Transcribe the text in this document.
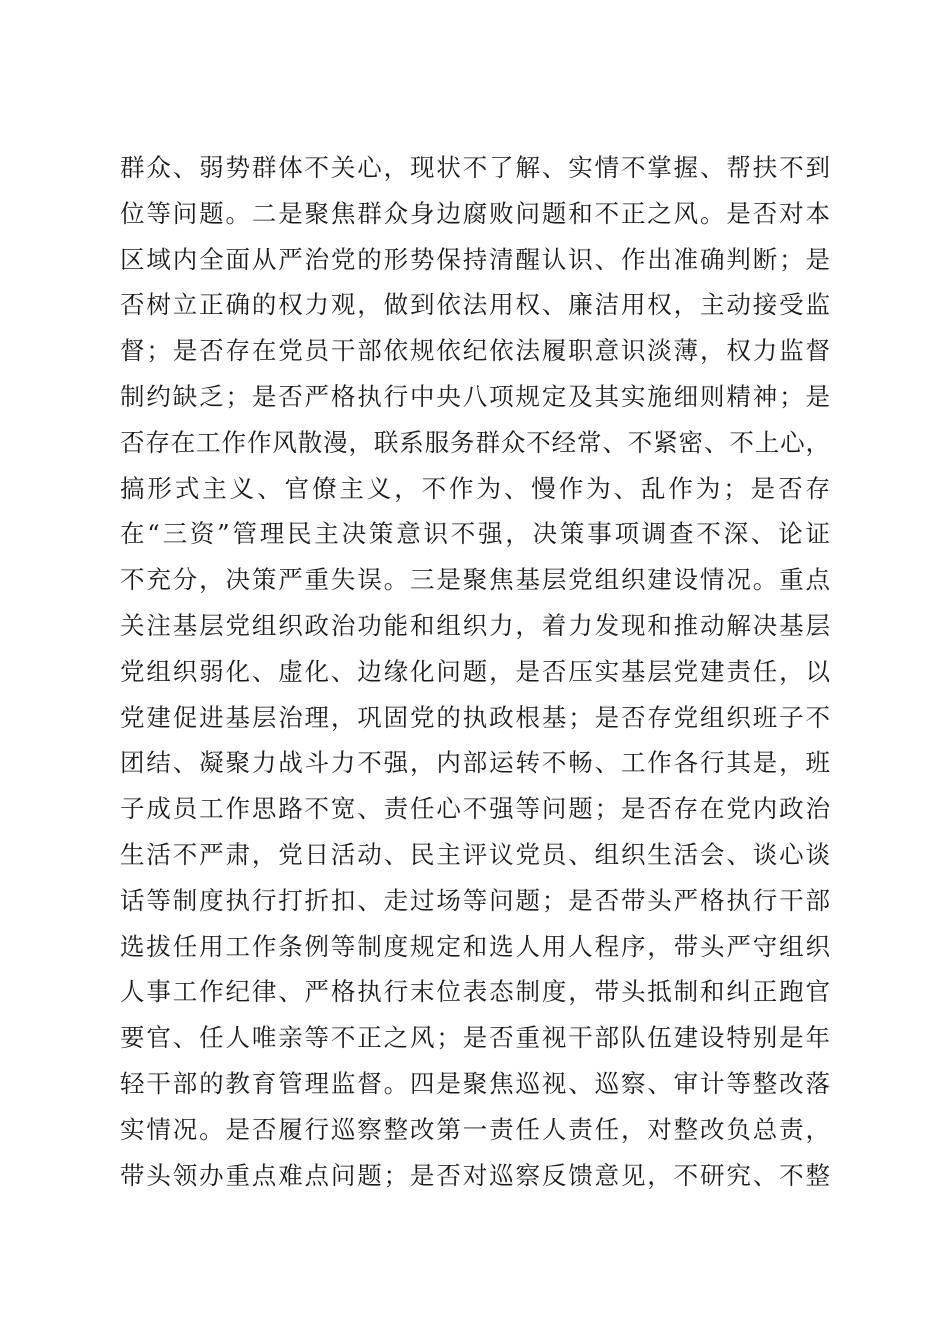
群众、弱势群体不关心，现状不了解、实情不掌握、帮扶不到
位等问题。二是聚焦群众身边腐败问题和不正之风。是否对本
区域内全面从严治党的形势保持清醒认识、作出准确判断；是
否树立正确的权力观，做到依法用权、廉洁用权，主动接受监
督；是否存在党员干部依规依纪依法履职意识淡薄，权力监督
制约缺乏；是否严格执行中央八项规定及其实施细则精神；是
否存在工作作风散漫，联系服务群众不经常、不紧密、不上心，
搞形式主义、官僚主义，不作为、慢作为、乱作为；是否存
在“三资”管理民主决策意识不强，决策事项调查不深、论证
不充分，决策严重失误。三是聚焦基层党组织建设情况。重点
关注基层党组织政治功能和组织力，着力发现和推动解决基层
党组织弱化、虚化、边缘化问题，是否压实基层党建责任，以
党建促进基层治理，巩固党的执政根基；是否存党组织班子不
团结、凝聚力战斗力不强，内部运转不畅、工作各行其是，班
子成员工作思路不宽、责任心不强等问题；是否存在党内政治
生活不严肃，党日活动、民主评议党员、组织生活会、谈心谈
话等制度执行打折扣、走过场等问题；是否带头严格执行干部
选拔任用工作条例等制度规定和选人用人程序，带头严守组织
人事工作纪律、严格执行末位表态制度，带头抵制和纠正跑官
要官、任人唯亲等不正之风；是否重视干部队伍建设特别是年
轻干部的教育管理监督。四是聚焦巡视、巡察、审计等整改落
实情况。是否履行巡察整改第一责任人责任，对整改负总责，
带头领办重点难点问题；是否对巡察反馈意见，不研究、不整
